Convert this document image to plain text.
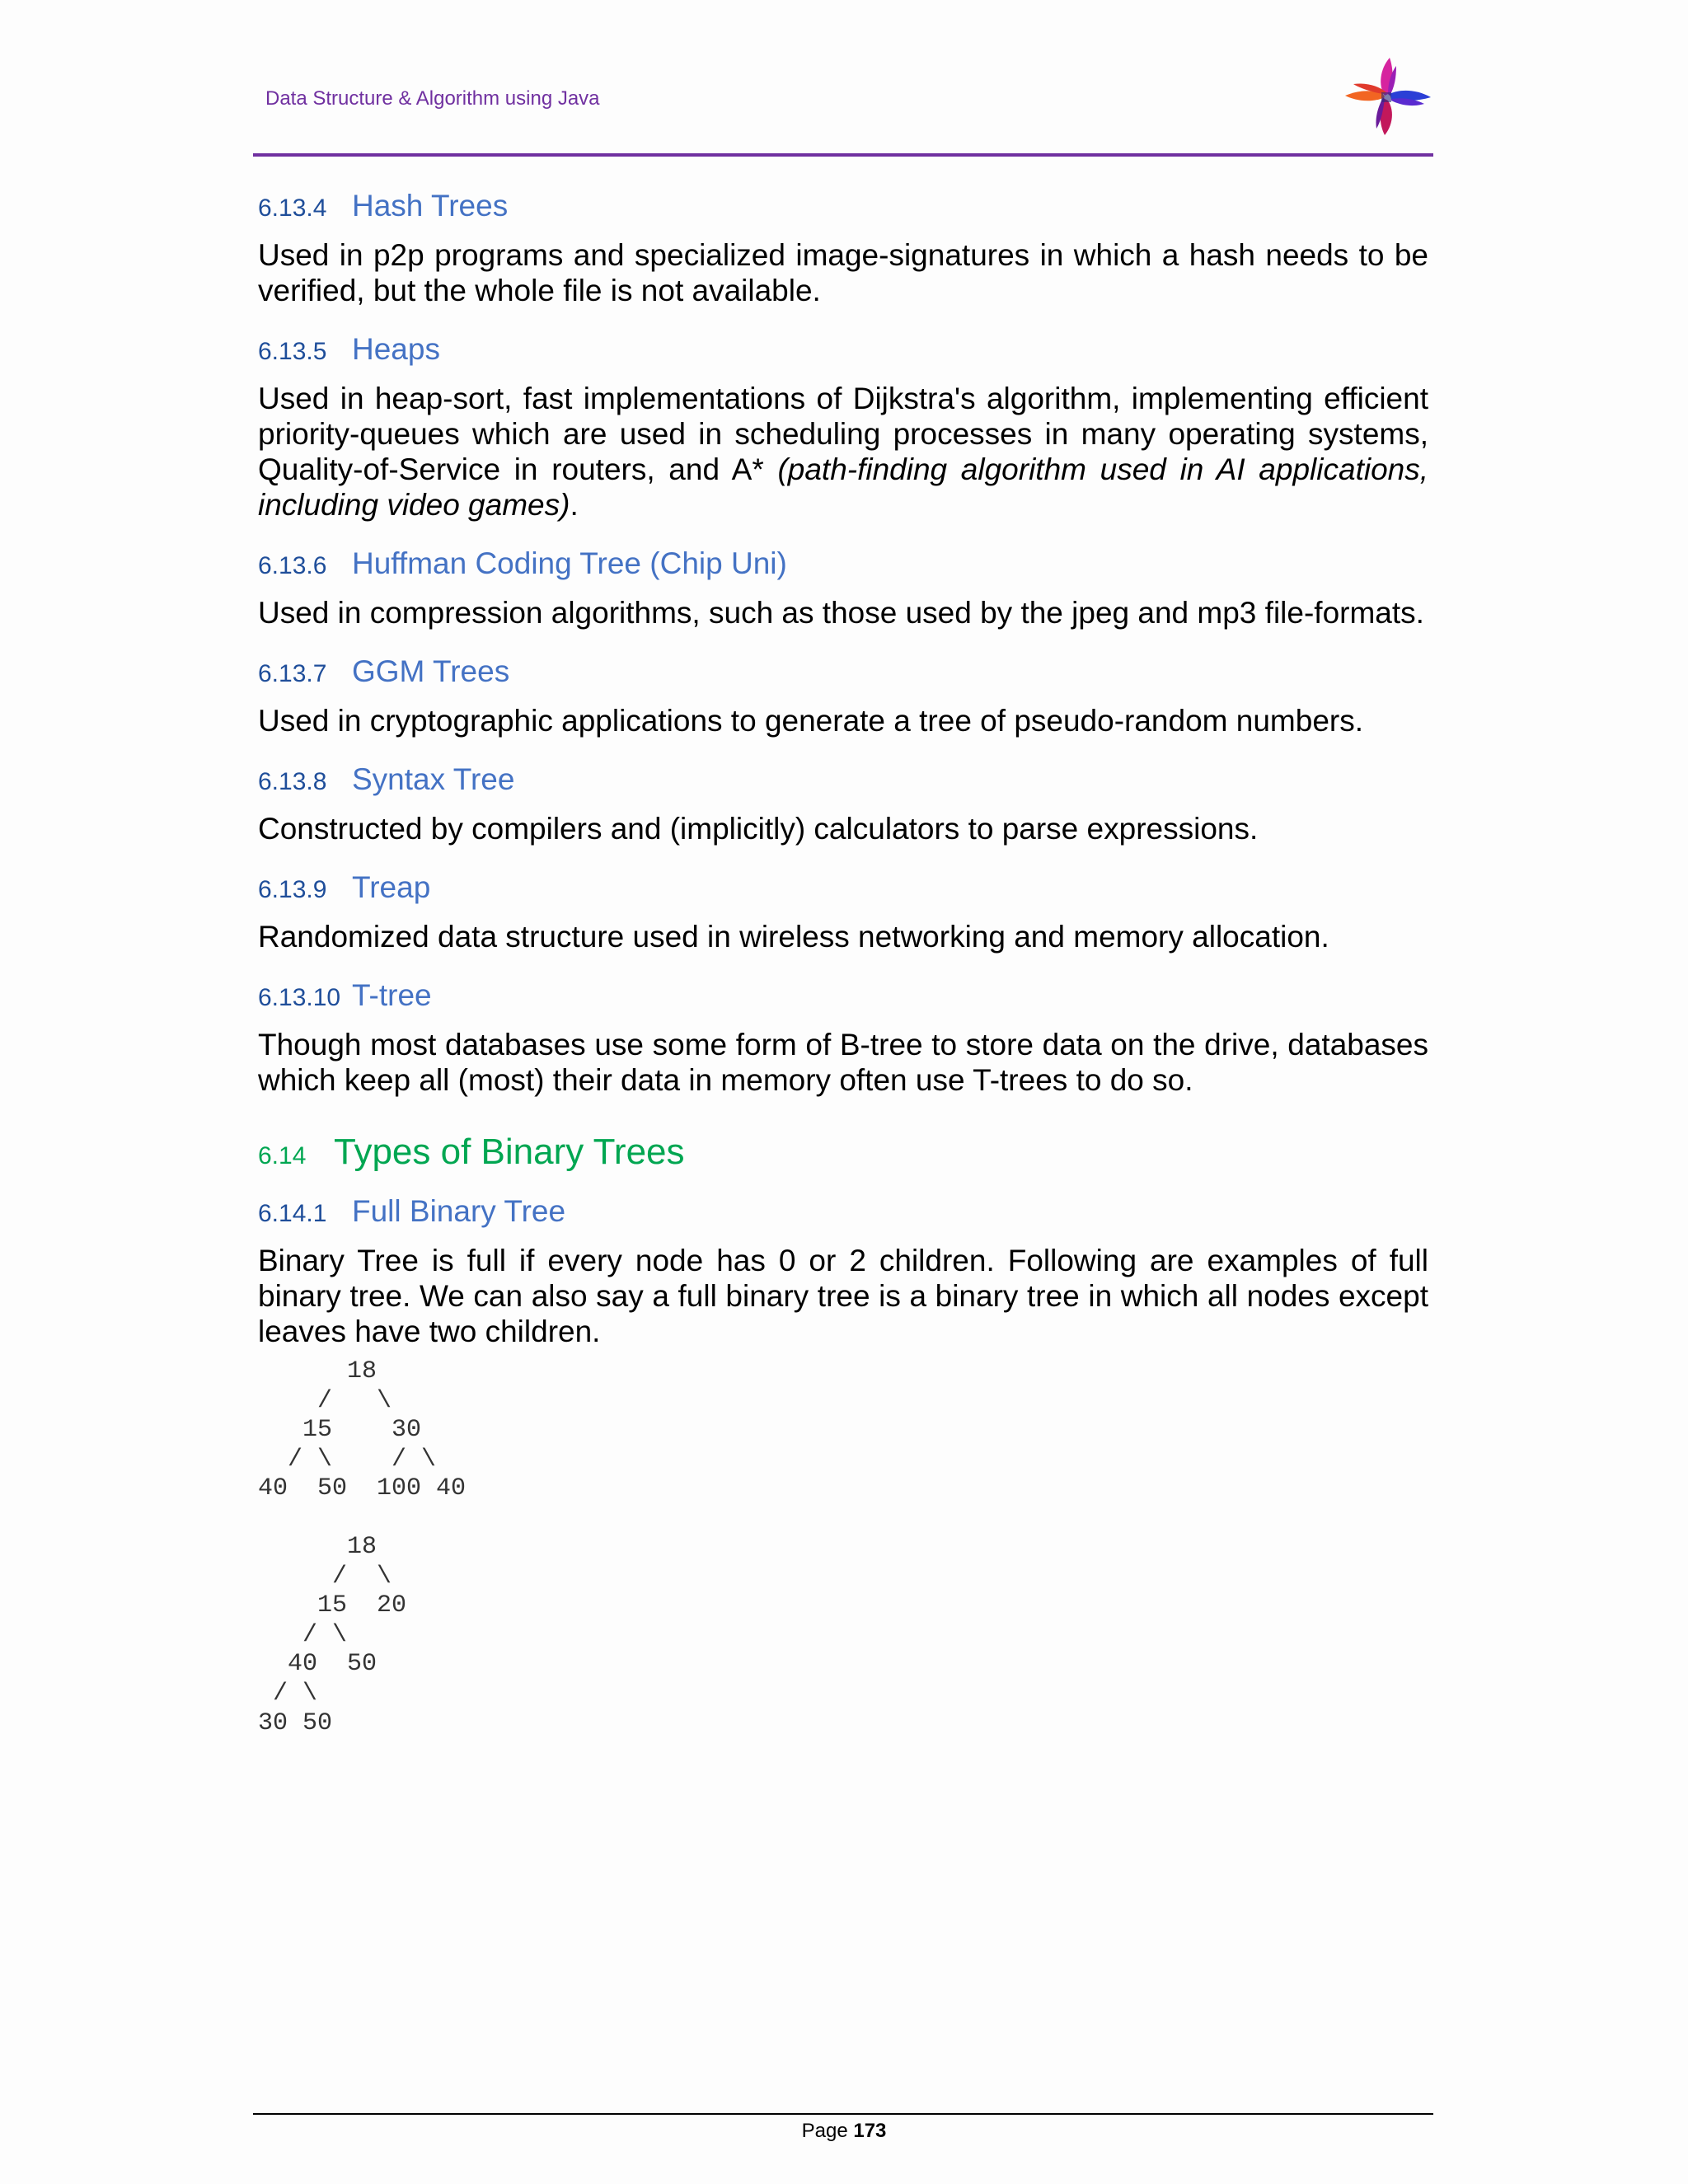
Data Structure & Algorithm using Java
6.13.4 Hash Trees

Used in p2p programs and specialized image-signatures in which a hash needs to be verified, but the whole file is not available.

6.13.5 Heaps

Used in heap-sort, fast implementations of Dijkstra's algorithm, implementing efficient priority-queues which are used in scheduling processes in many operating systems, Quality-of-Service in routers, and A* (path-finding algorithm used in AI applications, including video games).

6.13.6 Huffman Coding Tree (Chip Uni)

Used in compression algorithms, such as those used by the jpeg and mp3 file-formats.

6.13.7 GGM Trees

Used in cryptographic applications to generate a tree of pseudo-random numbers.

6.13.8 Syntax Tree

Constructed by compilers and (implicitly) calculators to parse expressions.

6.13.9 Treap

Randomized data structure used in wireless networking and memory allocation.

6.13.10 T-tree

Though most databases use some form of B-tree to store data on the drive, databases which keep all (most) their data in memory often use T-trees to do so.

6.14 Types of Binary Trees
6.14.1 Full Binary Tree

Binary Tree is full if every node has 0 or 2 children. Following are examples of full binary tree. We can also say a full binary tree is a binary tree in which all nodes except leaves have two children.

18
/   \
15    30
/ \    / \
40  50  100 40
18
/  \
15  20
/ \
40  50
/ \
30 50
Page 173
